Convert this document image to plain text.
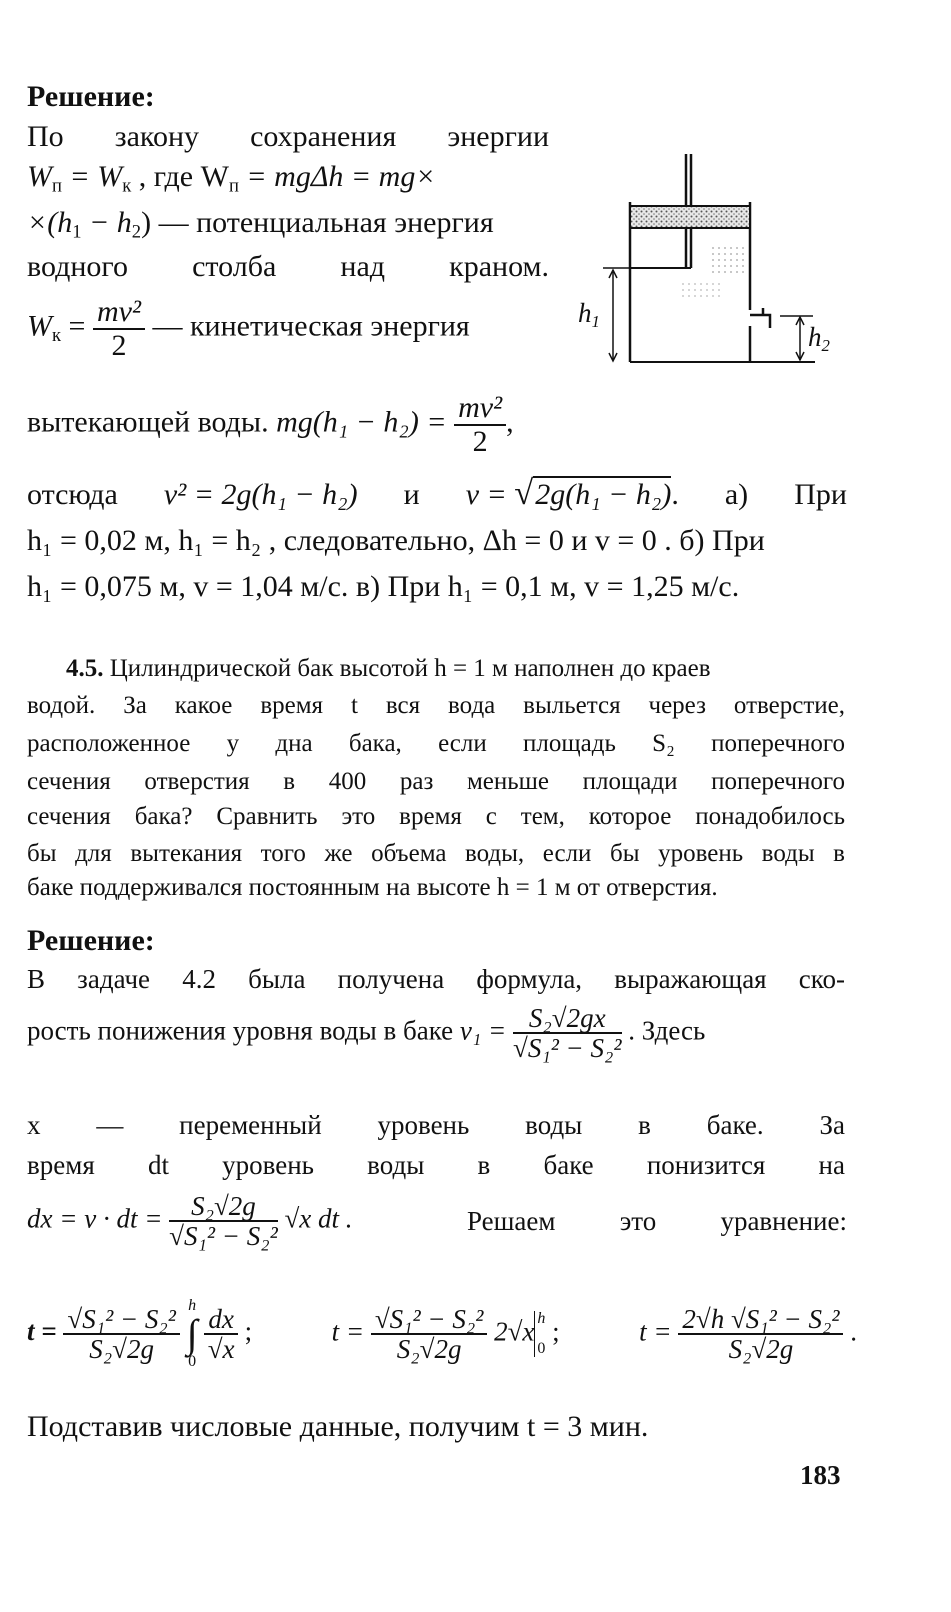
Решение:
По закону сохранения энергии
$W_п = W_к$ , где $W_п = mg\Delta h = mg\times$
$\times(h_1 - h_2)$ — потенциальная энергия
водного столба над краном.
$W_к = \frac{\text{mv²}}{2}$ — кинетическая энергия	$h_1$
$h_2$
вытекающей воды. $mg(h_1 - h_2) = \frac{\text{mv²}}{2}$ ,
отсюда v² = 2g(h₁ − h₂) и v = √2g(h₁ − h₂). а) При
h₁ = 0,02 м, h₁ = h₂ , следовательно, Δh = 0 и v = 0 . б) При
h₁ = 0,075 м, v = 1,04 м/с. в) При h₁ = 0,1 м, v = 1,25 м/с.
4.5. Цилиндрической бак высотой h = 1 м наполнен до краев
водой. За какое время t вся вода выльется через отверстие,
расположенное у дна бака, если площадь S₂ поперечного
сечения отверстия в 400 раз меньше площади поперечного
сечения бака? Сравнить это время с тем, которое понадобилось
бы для вытекания того же объема воды, если бы уровень воды в
баке поддерживался постоянным на высоте h = 1 м от отверстия.
Решение:
В задаче 4.2 была получена формула, выражающая ско-
рость понижения уровня воды в баке $v_1 = \frac{\text{S₂√2gx}}{\text{√S₁² − S₂²}}$ . Здесь
x — переменный уровень воды в баке. За
время dt уровень воды в баке понизится на
dx = v · dt = $\frac{\text{S₂√2g}}{\text{√S₁² − S₂²}} √x$ dt .	Решаем это уравнение:
$t = \frac{\text{√S₁² − S₂²}}{\text{S₂√2g}}$
h
∫
0
$\frac{dx}{√x}$ ;	$t = \frac{\text{√S₁² − S₂²}}{\text{S₂√2g}} 2√x$ h
0
;	$t = \frac{\text{2√h √S₁² − S₂²}}{\text{S₂√2g}}$ .
Подставив числовые данные, получим t = 3 мин.
183
